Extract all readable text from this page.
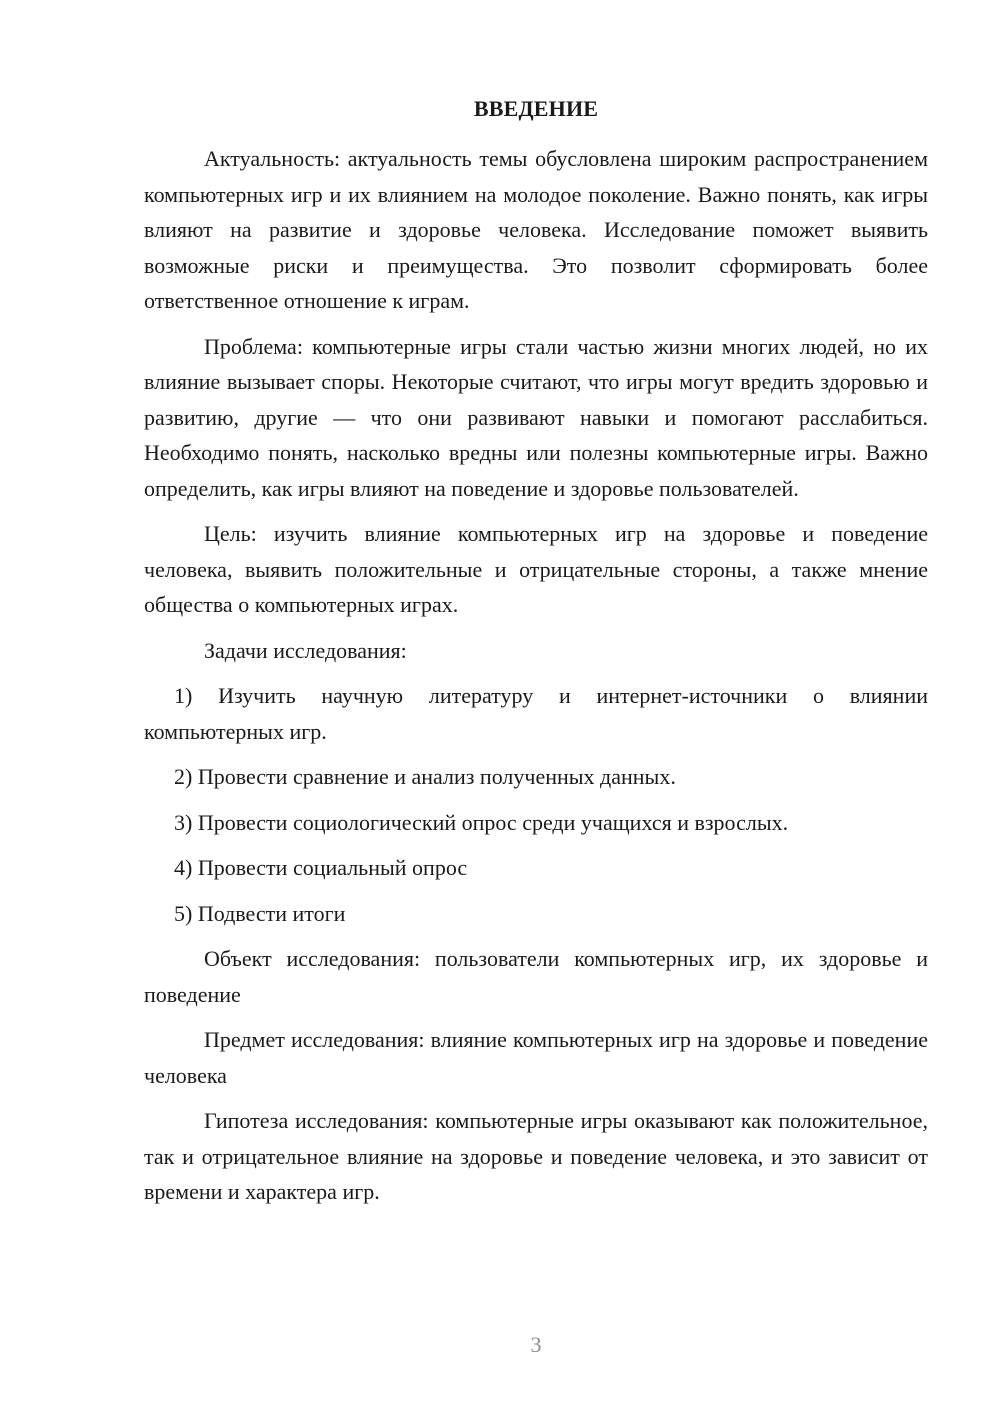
ВВЕДЕНИЕ

Актуальность: актуальность темы обусловлена широким распространением компьютерных игр и их влиянием на молодое поколение. Важно понять, как игры влияют на развитие и здоровье человека. Исследование поможет выявить возможные риски и преимущества. Это позволит сформировать более ответственное отношение к играм.

Проблема: компьютерные игры стали частью жизни многих людей, но их влияние вызывает споры. Некоторые считают, что игры могут вредить здоровью и развитию, другие — что они развивают навыки и помогают расслабиться. Необходимо понять, насколько вредны или полезны компьютерные игры. Важно определить, как игры влияют на поведение и здоровье пользователей.

Цель: изучить влияние компьютерных игр на здоровье и поведение человека, выявить положительные и отрицательные стороны, а также мнение общества о компьютерных играх.

Задачи исследования:

1) Изучить научную литературу и интернет-источники о влиянии компьютерных игр.

2) Провести сравнение и анализ полученных данных.

3) Провести социологический опрос среди учащихся и взрослых.

4) Провести социальный опрос

5) Подвести итоги

Объект исследования: пользователи компьютерных игр, их здоровье и поведение

Предмет исследования: влияние компьютерных игр на здоровье и поведение человека

Гипотеза исследования: компьютерные игры оказывают как положительное, так и отрицательное влияние на здоровье и поведение человека, и это зависит от времени и характера игр.

3
